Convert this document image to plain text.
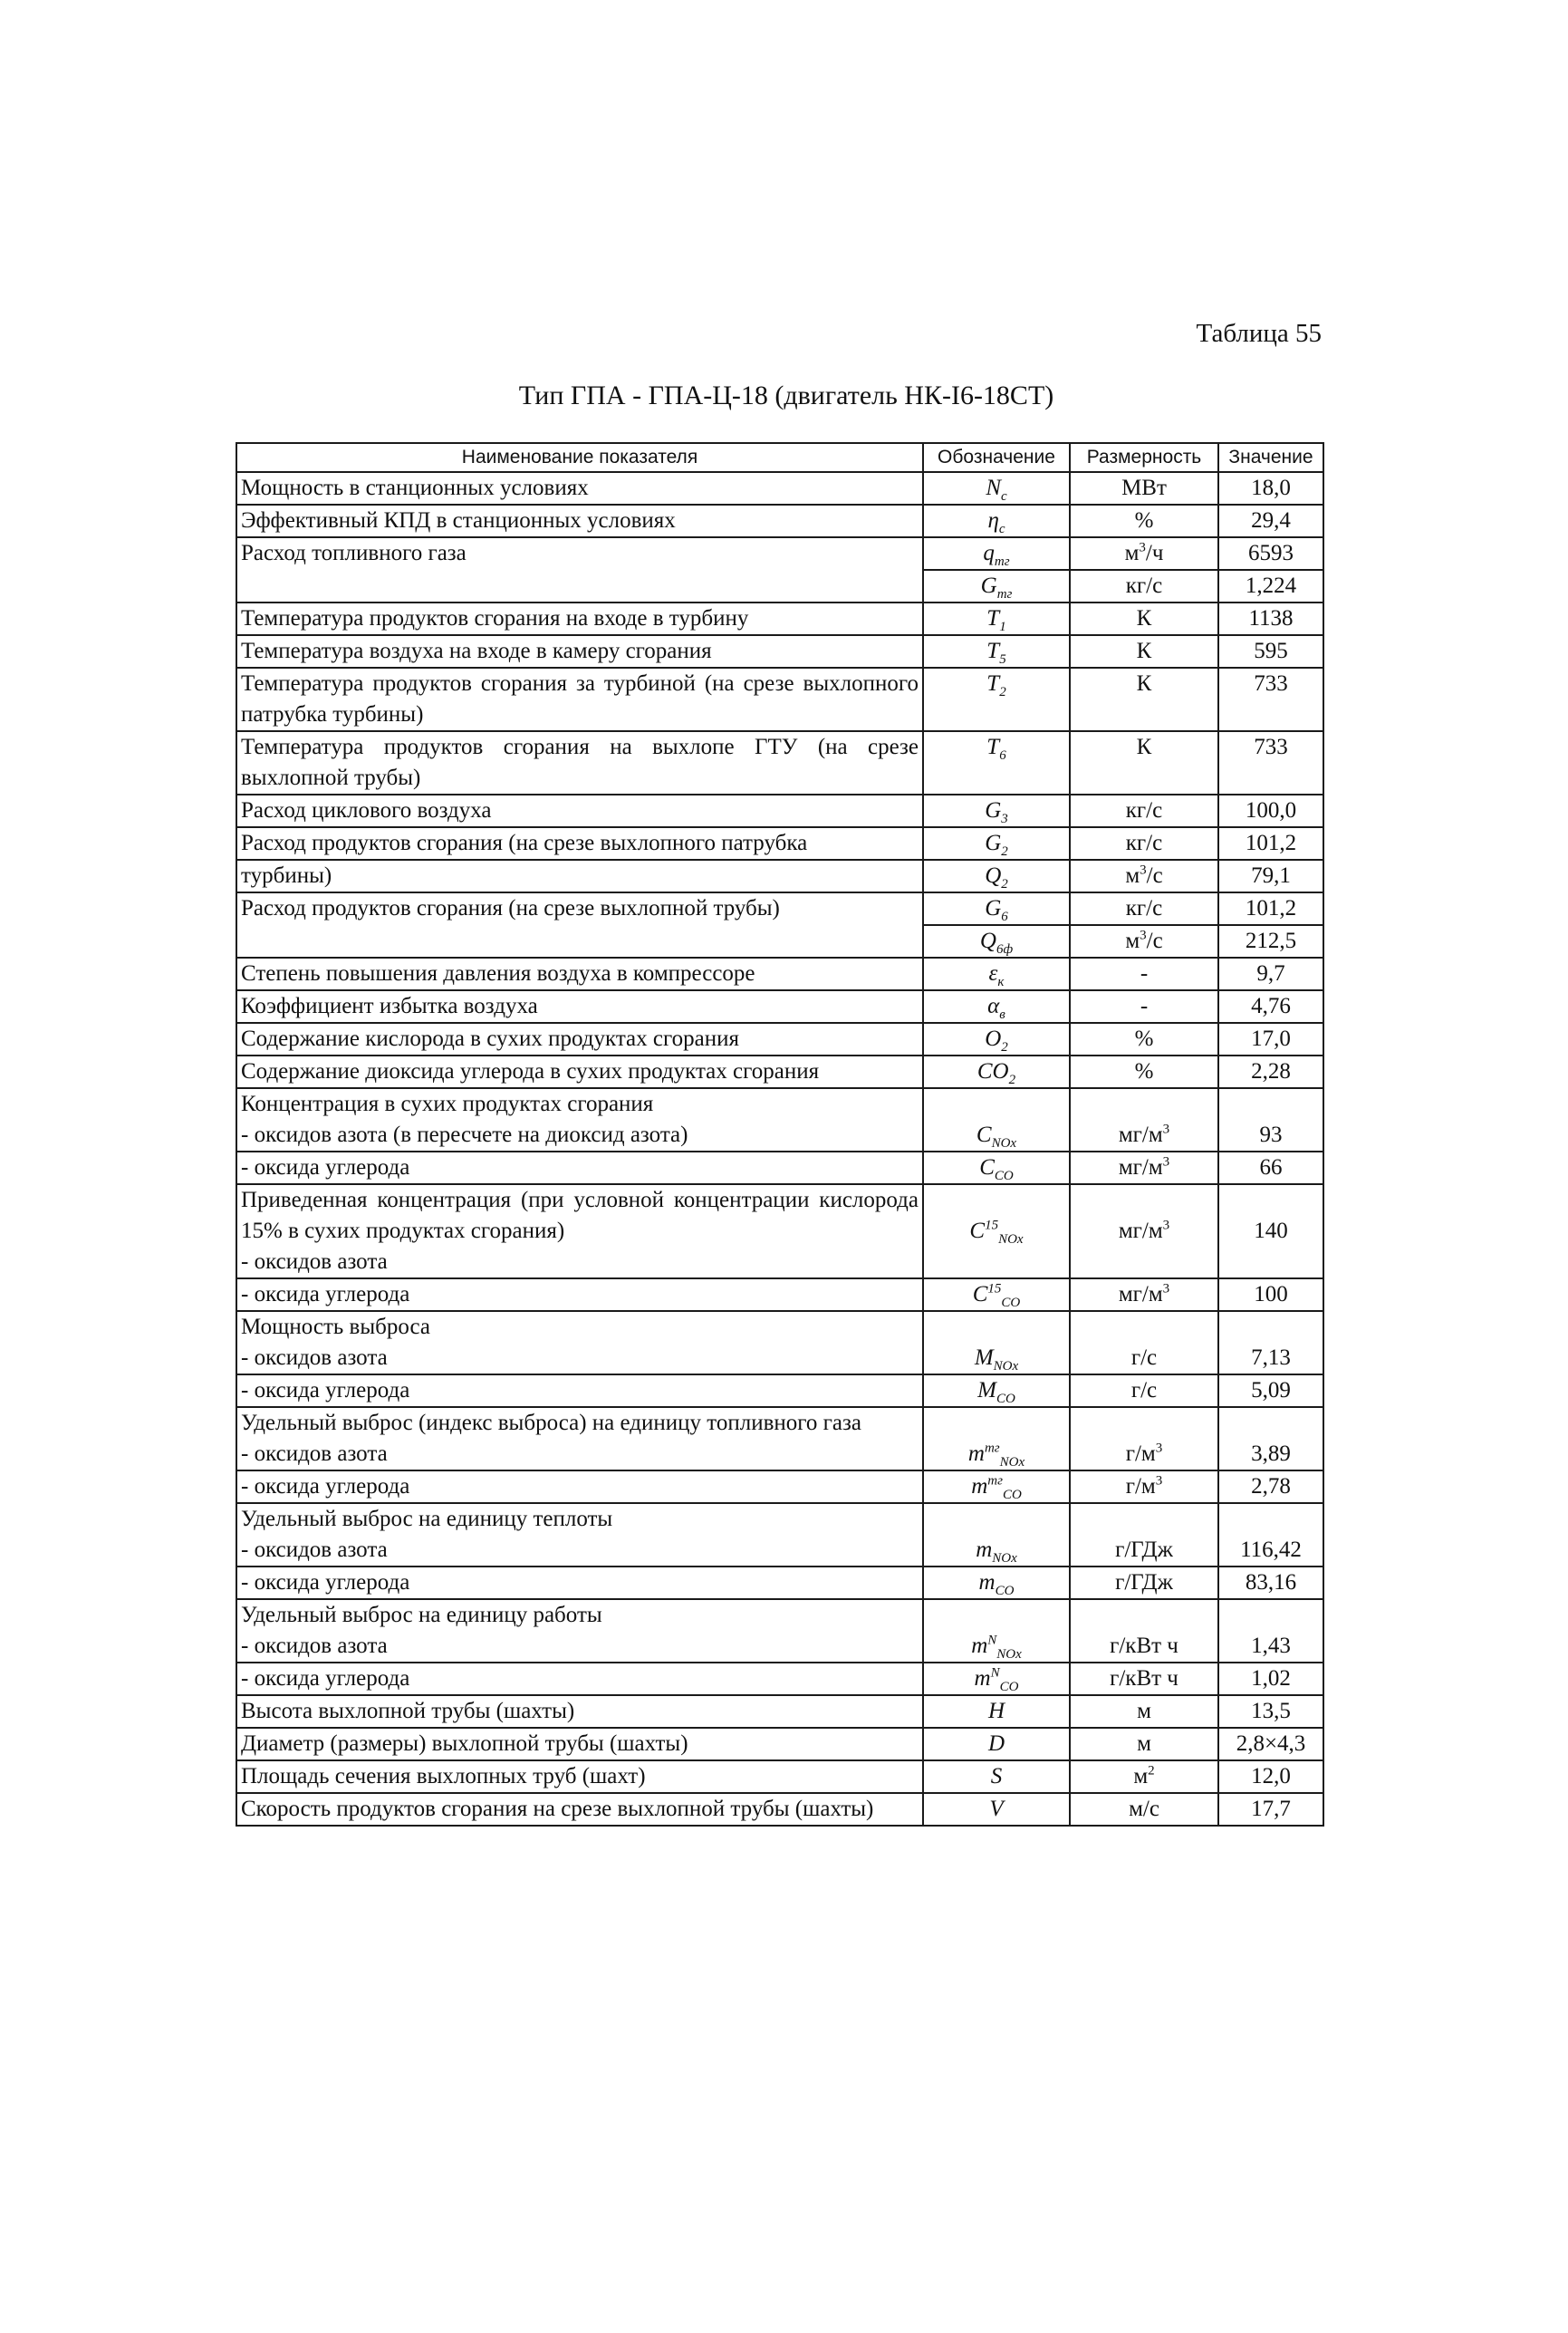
Таблица 55
Тип ГПА - ГПА-Ц-18 (двигатель НК-I6-18СТ)
Наименование показателя	Обозначение	Размерность	Значение

Мощность в станционных условиях	$N_с$	МВт	18,0

Эффективный КПД в станционных условиях	$\eta_с$	%	29,4

Расход топливного газа	$q_{тг}$	$м^3/ч$	6593

	$G_{тг}$	кг/с	1,224

Температура продуктов сгорания на входе в турбину	$T_1$	К	1138

Температура воздуха на входе в камеру сгорания	$T_5$	К	595

Температура продуктов сгорания за турбиной (на срезе выхлопного патрубка турбины)	$T_2$	К	733

Температура продуктов сгорания на выхлопе ГТУ (на срезе выхлопной трубы)	$T_6$	К	733

Расход циклового воздуха	$G_3$	кг/с	100,0

Расход продуктов сгорания (на срезе выхлопного патрубка	$G_2$	кг/с	101,2

турбины)	$Q_2$	$м^3/с$	79,1

Расход продуктов сгорания (на срезе выхлопной трубы)	$G_6$	кг/с	101,2

	$Q_{6ф}$	$м^3/с$	212,5

Степень повышения давления воздуха в компрессоре	$\varepsilon_к$	-	9,7

Коэффициент избытка воздуха	$\alpha_в$	-	4,76

Содержание кислорода в сухих продуктах сгорания	$O_2$	%	17,0

Содержание диоксида углерода в сухих продуктах сгорания	$CO_2$	%	2,28

Концентрация в сухих продуктах сгорания
- оксидов азота (в пересчете на диоксид азота)	$C_{NOx}$	$мг/м^3$	93

- оксида углерода	$C_{CO}$	$мг/м^3$	66

Приведенная концентрация (при условной концентрации кислорода 15% в сухих продуктах сгорания)
- оксидов азота	$C^{15}_{NOx}$	$мг/м^3$	140

- оксида углерода	$C^{15}_{CO}$	$мг/м^3$	100

Мощность выброса
- оксидов азота	$M_{NOx}$	г/с	7,13

- оксида углерода	$M_{CO}$	г/с	5,09

Удельный выброс (индекс выброса) на единицу топливного газа
- оксидов азота	$m^{тг}_{NOx}$	$г/м^3$	3,89

- оксида углерода	$m^{тг}_{CO}$	$г/м^3$	2,78

Удельный выброс на единицу теплоты
- оксидов азота	$m_{NOx}$	г/ГДж	116,42

- оксида углерода	$m_{CO}$	г/ГДж	83,16

Удельный выброс на единицу работы
- оксидов азота	$m^N_{NOx}$	г/кВт ч	1,43

- оксида углерода	$m^N_{CO}$	г/кВт ч	1,02

Высота выхлопной трубы (шахты)	H	м	13,5

Диаметр (размеры) выхлопной трубы (шахты)	D	м	2,8×4,3

Площадь сечения выхлопных труб (шахт)	S	$м^2$	12,0

Скорость продуктов сгорания на срезе выхлопной трубы (шахты)	V	м/с	17,7
